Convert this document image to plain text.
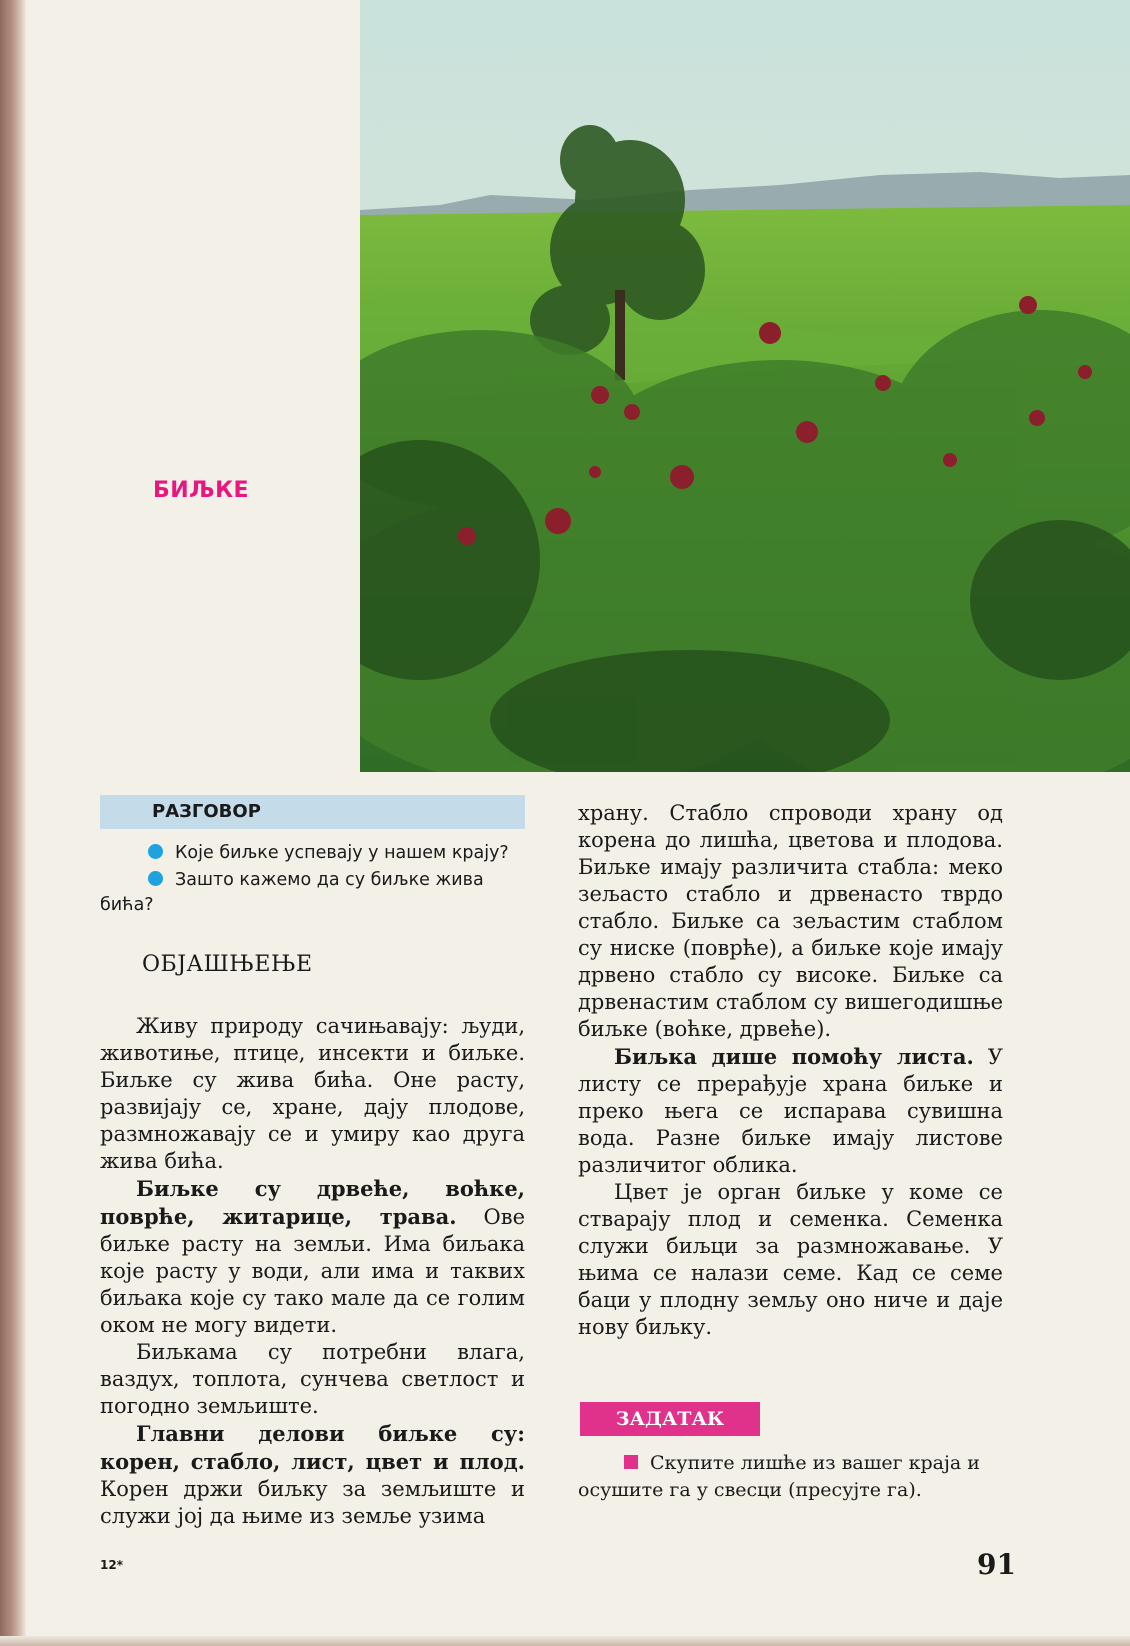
БИЉКЕ
РАЗГОВОР
Које биљке успевају у нашем крају?
Зашто кажемо да су биљке жива бића?
ОБЈАШЊЕЊЕ

Живу природу сачињавају: људи, животиње, птице, инсекти и биљке. Биљке су жива бића. Оне расту, развијају се, хране, дају плодове, размножавају се и умиру као друга жива бића.

Биљке су дрвеће, воћке, поврће, житарице, трава. Ове биљке расту на земљи. Има биљака које расту у води, али има и таквих биљака које су тако мале да се голим оком не могу видети.

Биљкама су потребни влага, ваздух, топлота, сунчева светлост и погодно земљиште.

Главни делови биљке су: корен, стабло, лист, цвет и плод. Корен држи биљку за земљиште и служи јој да њиме из земље узима

храну. Стабло спроводи храну од корена до лишћа, цветова и плодова. Биљке имају различита стабла: меко зељасто стабло и дрвенасто тврдо стабло. Биљке са зељастим стаблом су ниске (поврће), а биљке које имају дрвено стабло су високе. Биљке са дрвенастим стаблом су вишегодишње биљке (воћке, дрвеће).

Биљка дише помоћу листа. У листу се прерађује храна биљке и преко њега се испарава сувишна вода. Разне биљке имају листове различитог облика.

Цвет је орган биљке у коме се стварају плод и семенка. Семенка служи биљци за размножавање. У њима се налази семе. Кад се семе баци у плодну земљу оно ниче и даје нову биљку.

ЗАДАТАК
Скупите лишће из вашег краја и осушите га у свесци (пресујте га).
12*	91
